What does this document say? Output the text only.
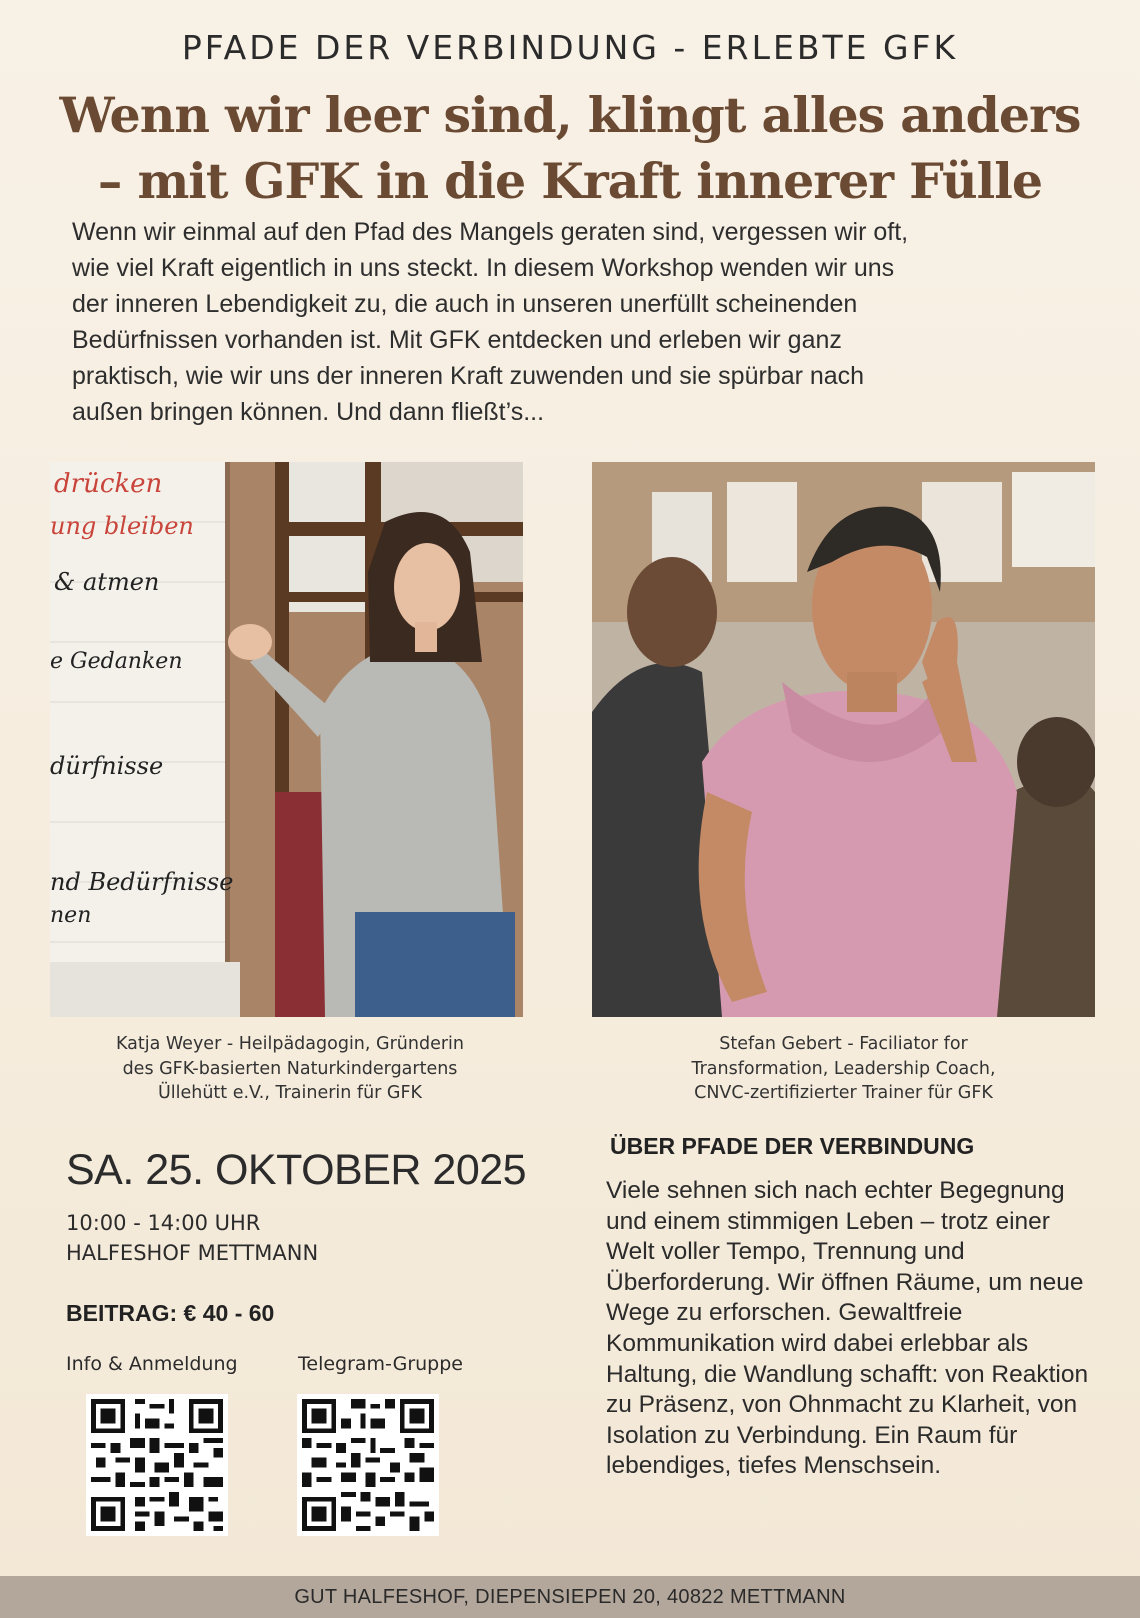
PFADE DER VERBINDUNG - ERLEBTE GFK
Wenn wir leer sind, klingt alles anders
– mit GFK in die Kraft innerer Fülle
Wenn wir einmal auf den Pfad des Mangels geraten sind, vergessen wir oft,
wie viel Kraft eigentlich in uns steckt. In diesem Workshop wenden wir uns
der inneren Lebendigkeit zu, die auch in unseren unerfüllt scheinenden
Bedürfnissen vorhanden ist. Mit GFK entdecken und erleben wir ganz
praktisch, wie wir uns der inneren Kraft zuwenden und sie spürbar nach
außen bringen können. Und dann fließt’s...
drücken
ung bleiben
& atmen
e Gedanken
dürfnisse
nd Bedürfnisse
nen
Katja Weyer - Heilpädagogin, Gründerin
des GFK-basierten Naturkindergartens
Üllehütt e.V., Trainerin für GFK
Stefan Gebert - Faciliator for
Transformation, Leadership Coach,
CNVC-zertifizierter Trainer für GFK
SA. 25. OKTOBER 2025
10:00 - 14:00 UHR
HALFESHOF METTMANN
BEITRAG: € 40 - 60
Info & Anmeldung	Telegram-Gruppe
ÜBER PFADE DER VERBINDUNG
Viele sehnen sich nach echter Begegnung und einem stimmigen Leben – trotz einer Welt voller Tempo, Trennung und Überforderung. Wir öffnen Räume, um neue Wege zu erforschen. Gewaltfreie Kommunikation wird dabei erlebbar als Haltung, die Wandlung schafft: von Reaktion zu Präsenz, von Ohnmacht zu Klarheit, von Isolation zu Verbindung. Ein Raum für lebendiges, tiefes Menschsein.
GUT HALFESHOF, DIEPENSIEPEN 20, 40822 METTMANN
